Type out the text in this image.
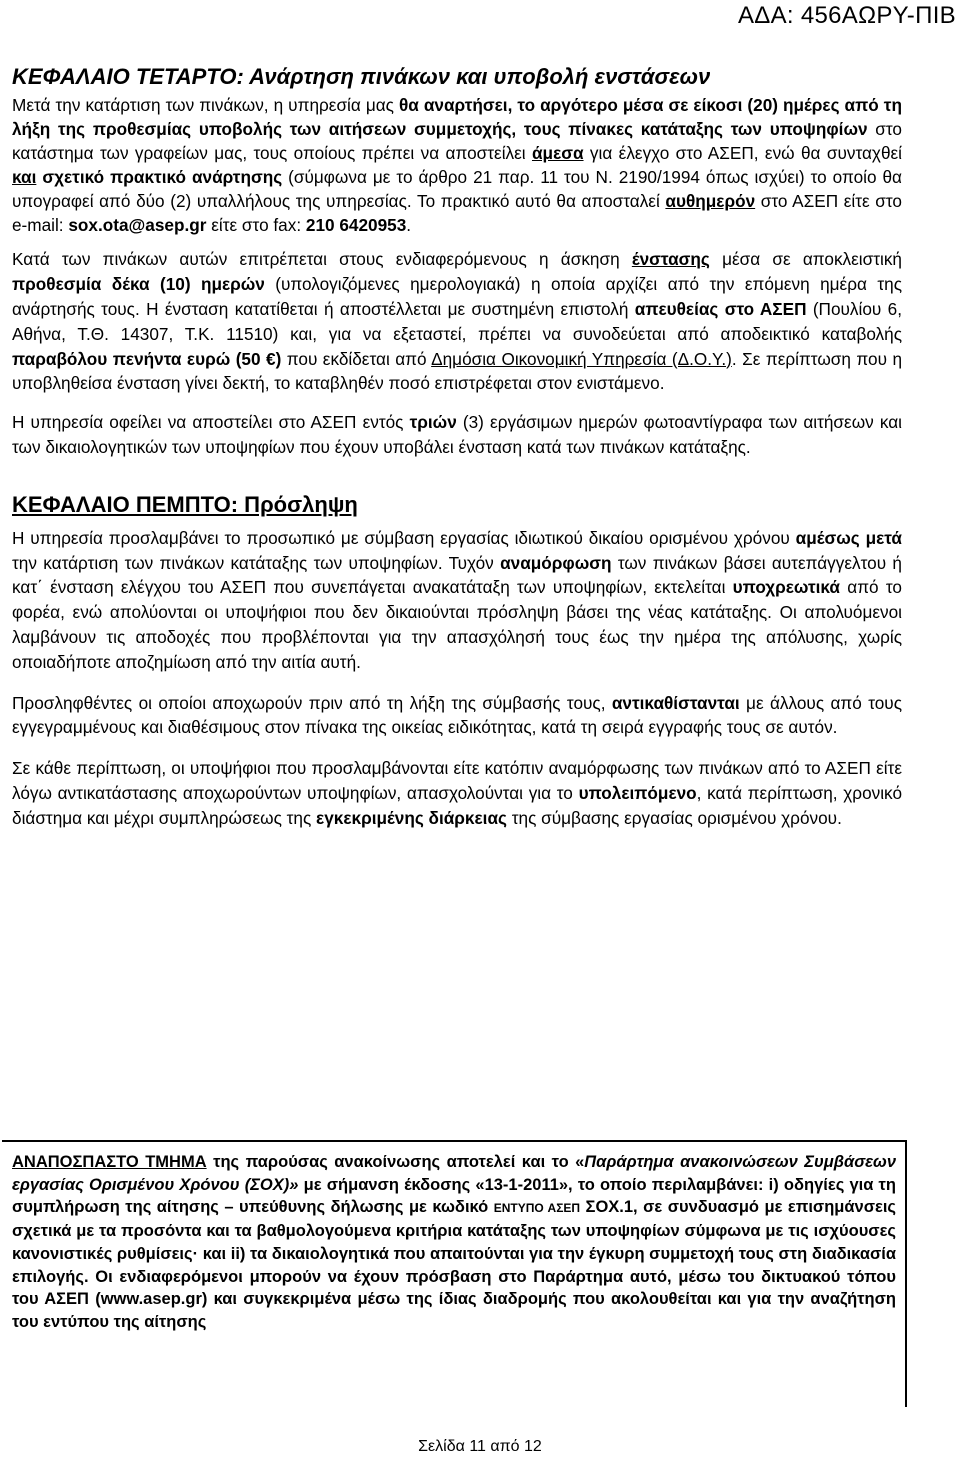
ΑΔΑ: 456ΑΩΡΥ-ΠΙΒ
ΚΕΦΑΛΑΙΟ ΤΕΤΑΡΤΟ: Ανάρτηση πινάκων και υποβολή ενστάσεων

Μετά την κατάρτιση των πινάκων, η υπηρεσία μας θα αναρτήσει, το αργότερο μέσα σε είκοσι (20) ημέρες από τη λήξη της προθεσμίας υποβολής των αιτήσεων συμμετοχής, τους πίνακες κατάταξης των υποψηφίων στο κατάστημα των γραφείων μας, τους οποίους πρέπει να αποστείλει άμεσα για έλεγχο στο ΑΣΕΠ, ενώ θα συνταχθεί και σχετικό πρακτικό ανάρτησης (σύμφωνα με το άρθρο 21 παρ. 11 του Ν. 2190/1994 όπως ισχύει) το οποίο θα υπογραφεί από δύο (2) υπαλλήλους της υπηρεσίας. Το πρακτικό αυτό θα αποσταλεί αυθημερόν στο ΑΣΕΠ είτε στο e-mail: sox.ota@asep.gr είτε στο fax: 210 6420953.

Κατά των πινάκων αυτών επιτρέπεται στους ενδιαφερόμενους η άσκηση ένστασης μέσα σε αποκλειστική προθεσμία δέκα (10) ημερών (υπολογιζόμενες ημερολογιακά) η οποία αρχίζει από την επόμενη ημέρα της ανάρτησής τους. Η ένσταση κατατίθεται ή αποστέλλεται με συστημένη επιστολή απευθείας στο ΑΣΕΠ (Πουλίου 6, Αθήνα, Τ.Θ. 14307, Τ.Κ. 11510) και, για να εξεταστεί, πρέπει να συνοδεύεται από αποδεικτικό καταβολής παραβόλου πενήντα ευρώ (50 €) που εκδίδεται από Δημόσια Οικονομική Υπηρεσία (Δ.Ο.Υ.). Σε περίπτωση που η υποβληθείσα ένσταση γίνει δεκτή, το καταβληθέν ποσό επιστρέφεται στον ενιστάμενο.

Η υπηρεσία οφείλει να αποστείλει στο ΑΣΕΠ εντός τριών (3) εργάσιμων ημερών φωτοαντίγραφα των αιτήσεων και των δικαιολογητικών των υποψηφίων που έχουν υποβάλει ένσταση κατά των πινάκων κατάταξης.

ΚΕΦΑΛΑΙΟ ΠΕΜΠΤΟ: Πρόσληψη

Η υπηρεσία προσλαμβάνει το προσωπικό με σύμβαση εργασίας ιδιωτικού δικαίου ορισμένου χρόνου αμέσως μετά την κατάρτιση των πινάκων κατάταξης των υποψηφίων. Τυχόν αναμόρφωση των πινάκων βάσει αυτεπάγγελτου ή κατ΄ ένσταση ελέγχου του ΑΣΕΠ που συνεπάγεται ανακατάταξη των υποψηφίων, εκτελείται υποχρεωτικά από το φορέα, ενώ απολύονται οι υποψήφιοι που δεν δικαιούνται πρόσληψη βάσει της νέας κατάταξης. Οι απολυόμενοι λαμβάνουν τις αποδοχές που προβλέπονται για την απασχόλησή τους έως την ημέρα της απόλυσης, χωρίς οποιαδήποτε αποζημίωση από την αιτία αυτή.

Προσληφθέντες οι οποίοι αποχωρούν πριν από τη λήξη της σύμβασής τους, αντικαθίστανται με άλλους από τους εγγεγραμμένους και διαθέσιμους στον πίνακα της οικείας ειδικότητας, κατά τη σειρά εγγραφής τους σε αυτόν.

Σε κάθε περίπτωση, οι υποψήφιοι που προσλαμβάνονται είτε κατόπιν αναμόρφωσης των πινάκων από το ΑΣΕΠ είτε λόγω αντικατάστασης αποχωρούντων υποψηφίων, απασχολούνται για το υπολειπόμενο, κατά περίπτωση, χρονικό διάστημα και μέχρι συμπληρώσεως της εγκεκριμένης διάρκειας της σύμβασης εργασίας ορισμένου χρόνου.

ΑΝΑΠΟΣΠΑΣΤΟ ΤΜΗΜΑ της παρούσας ανακοίνωσης αποτελεί και το «Παράρτημα ανακοινώσεων Συμβάσεων εργασίας Ορισμένου Χρόνου (ΣΟΧ)» με σήμανση έκδοσης «13-1-2011», το οποίο περιλαμβάνει: i) οδηγίες για τη συμπλήρωση της αίτησης – υπεύθυνης δήλωσης με κωδικό ΕΝΤΥΠΟ ΑΣΕΠ ΣΟΧ.1, σε συνδυασμό με επισημάνσεις σχετικά με τα προσόντα και τα βαθμολογούμενα κριτήρια κατάταξης των υποψηφίων σύμφωνα με τις ισχύουσες κανονιστικές ρυθμίσεις· και ii) τα δικαιολογητικά που απαιτούνται για την έγκυρη συμμετοχή τους στη διαδικασία επιλογής. Οι ενδιαφερόμενοι μπορούν να έχουν πρόσβαση στο Παράρτημα αυτό, μέσω του δικτυακού τόπου του ΑΣΕΠ (www.asep.gr) και συγκεκριμένα μέσω της ίδιας διαδρομής που ακολουθείται και για την αναζήτηση του εντύπου της αίτησης

Σελίδα 11 από 12
